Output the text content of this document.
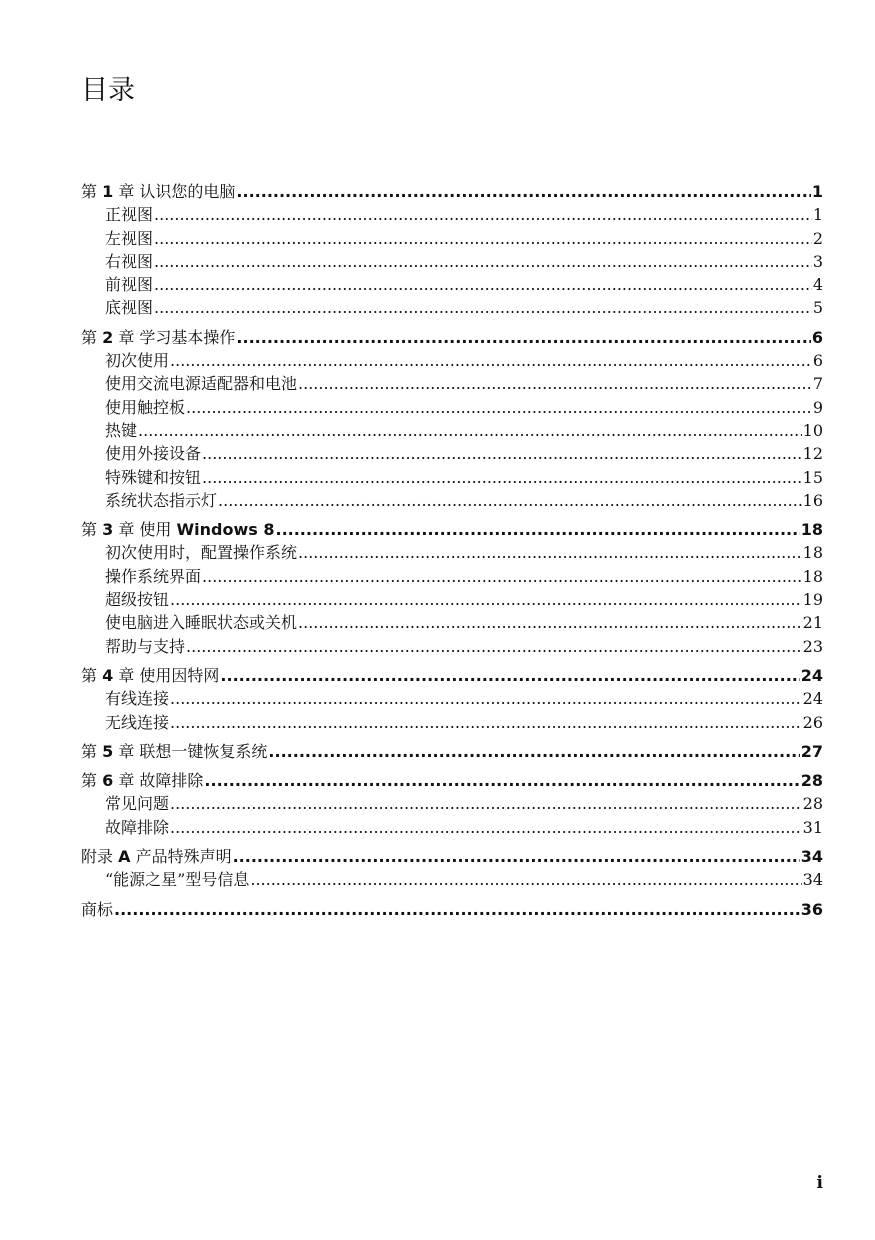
目录
第 1 章 认识您的电脑 .....	1
正视图 .....	1
左视图 .....	2
右视图 .....	3
前视图 .....	4
底视图 .....	5
第 2 章 学习基本操作 .....	6
初次使用 .....	6
使用交流电源适配器和电池 .....	7
使用触控板 .....	9
热键 .....	10
使用外接设备 .....	12
特殊键和按钮 .....	15
系统状态指示灯 .....	16
第 3 章 使用 Windows 8 .....	18
初次使用时，配置操作系统 .....	18
操作系统界面 .....	18
超级按钮 .....	19
使电脑进入睡眠状态或关机 .....	21
帮助与支持 .....	23
第 4 章 使用因特网 .....	24
有线连接 .....	24
无线连接 .....	26
第 5 章 联想一键恢复系统 .....	27
第 6 章 故障排除 .....	28
常见问题 .....	28
故障排除 .....	31
附录 A 产品特殊声明 .....	34
“能源之星”型号信息 .....	34
商标 .....	36
i
